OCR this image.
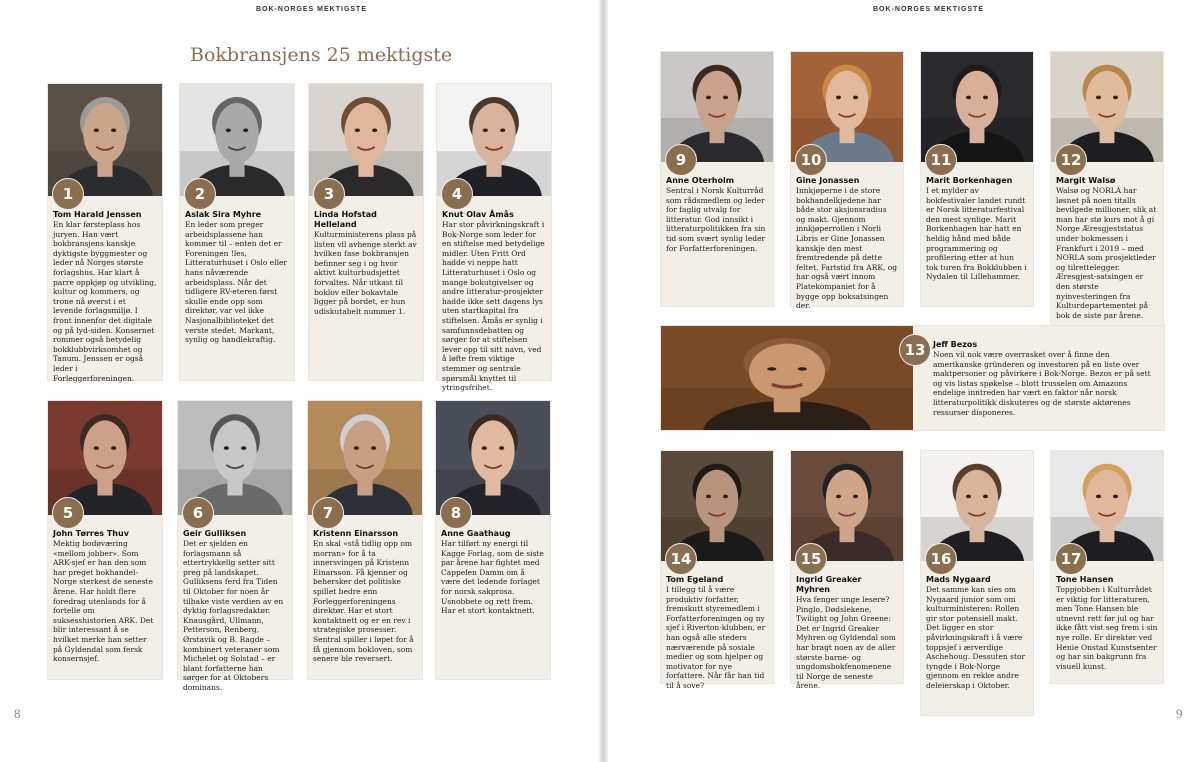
BOK-NORGES MEKTIGSTE	BOK-NORGES MEKTIGSTE
Bokbransjens 25 mektigste
8	9
1
Tom Harald Jenssen
En klar førsteplass hos juryen. Han vært bokbransjens kanskje dyktigste byggmester og leder nå Norges største forlagshus. Har klart å parre oppkjøp og utvikling, kultur og kommers, og trone nå øverst i et levende forlagsmiljø. I front innenfor det digitale og på lyd-siden. Konsernet rommer også betydelig bokklubbvirksomhet og Tanum. Jenssen er også leder i Forleggerforeningen.
2
Aslak Sira Myhre
En leder som preger arbeidsplassene han kommer til – enten det er Foreningen !les, Litteraturhuset i Oslo eller hans nåværende arbeidsplass. Når det tidligere RV-eteren først skulle ende opp som direktør, var vel ikke Nasjonalbiblioteket det verste stedet. Markant, synlig og handlekraftig.
3
Linda Hofstad Helleland
Kulturministerens plass på listen vil avhenge sterkt av hvilken fase bokbransjen befinner seg i og hvor aktivt kulturbudsjettet forvaltes. Når utkast til boklov eller bokavtale ligger på bordet, er hun udiskutabelt nummer 1.
4
Knut Olav Åmås
Har stor påvirkningskraft i Bok-Norge som leder for en stiftelse med betydelige midler. Uten Fritt Ord hadde vi neppe hatt Litteraturhuset i Oslo og mange bokutgivelser og andre litteratur-prosjekter hadde ikke sett dagens lys uten startkapital fra stiftelsen. Åmås er synlig i samfunnsdebatten og sørger for at stiftelsen lever opp til sitt navn, ved å løfte frem viktige stemmer og sentrale spørsmål knyttet til ytringsfrihet.
5
John Tørres Thuv
Mektig bodøværing «mellom jobber». Som ARK-sjef er han den som har preget bokhandel-Norge sterkest de seneste årene. Har holdt flere foredrag utenlands for å fortelle om suksesshistorien ARK. Det blir interessant å se hvilket merke han setter på Gyldendal som fersk konsernsjef.
6
Geir Gulliksen
Det er sjelden en forlagsmann så ettertrykkelig setter sitt preg på landskapet. Gulliksens ferd fra Tiden til Oktober for noen år tilbake viste verdien av en dyktig forlagsredaktør. Knausgård, Ullmann, Petterson, Renberg, Ørstavik og B. Ragde – kombinert veteraner som Michelet og Solstad – er blant forfatterne han sørger for at Oktobers dominans.
7
Kristenn Einarsson
En skal «stå tidlig opp om morran» for å ta innersvingen på Kristenn Einarsson. Få kjenner og behersker det politiske spillet bedre enn Forleggerforeningens direktør. Har et stort kontaktnett og er en rev i strategiske prosesser. Sentral spiller i løpet for å få gjennom bokloven, som senere ble reversert.
8
Anne Gaathaug
Har tilført ny energi til Kagge Forlag, som de siste par årene har fightet med Cappelen Damm om å være det ledende forlaget for norsk sakprosa. Usnobbete og rett frem. Har et stort kontaktnett.
9
Anne Oterholm
Sentral i Norsk Kulturråd som rådsmedlem og leder for faglig utvalg for litteratur. God innsikt i litteraturpolitikken fra sin tid som svært synlig leder for Forfatterforeningen.
10
Gine Jonassen
Innkjøperne i de store bokhandelkjedene har både stor aksjonsradius og makt. Gjennom innkjøperrollen i Norli Libris er Gine Jonassen kanskje den mest fremtredende på dette feltet. Fartstid fra ARK, og har også vært innom Platekompaniet for å bygge opp boksatsingen der.
11
Marit Borkenhagen
I et mylder av bokfestivaler landet rundt er Norsk litteraturfestival den mest synlige. Marit Borkenhagen har hatt en heldig hånd med både programmering og profilering etter at hun tok turen fra Bokklubben i Nydalen til Lillehammer.
12
Margit Walsø
Walsø og NORLA har løsnet på noen titalls bevilgede millioner, slik at man har stø kurs mot å gi Norge Æresgjeststatus under bokmessen i Frankfurt i 2019 – med NORLA som prosjektleder og tilrettelegger. Æresgjest-satsingen er den største nyinvesteringen fra Kulturdepartementet på bok de siste par årene.
13 Jeff Bezos
Noen vil nok være overrasket over å finne den amerikanske gründeren og investoren på en liste over maktpersoner og påvirkere i Bok-Norge. Bezos er på sett og vis listas spøkelse – blott trusselen om Amazons endelige inntreden har vært en faktor når norsk litteraturpolitikk diskuteres og de største aktørenes ressurser disponeres.
14
Tom Egeland
I tillegg til å være produktiv forfatter, fremskutt styremedlem i Forfatterforeningen og ny sjef i Riverton-klubben, er han også alle steders nærværende på sosiale medier og som hjelper og motivator for nye forfattere. Når får han tid til å sove?
15
Ingrid Greaker Myhren
Hva fenger unge lesere? Pinglo, Dødslekene, Twilight og John Greene: Det er Ingrid Greaker Myhren og Gyldendal som har bragt noen av de aller største barne- og ungdomsbokfenomenene til Norge de seneste årene.
16
Mads Nygaard
Det samme kan sies om Nygaard junior som om kulturministeren: Rollen gir stor potensiell makt. Det ligger en stor påvirkningskraft i å være toppsjef i ærverdige Aschehoug. Dessuten stor tyngde i Bok-Norge gjennom en rekke andre deleierskap i Oktober.
17
Tone Hansen
Toppjobben i Kulturrådet er viktig for litteraturen, men Tone Hansen ble utnevnt rett før jul og har ikke fått vist seg frem i sin nye rolle. Er direktør ved Henie Onstad Kunstsenter og har sin bakgrunn fra visuell kunst.
